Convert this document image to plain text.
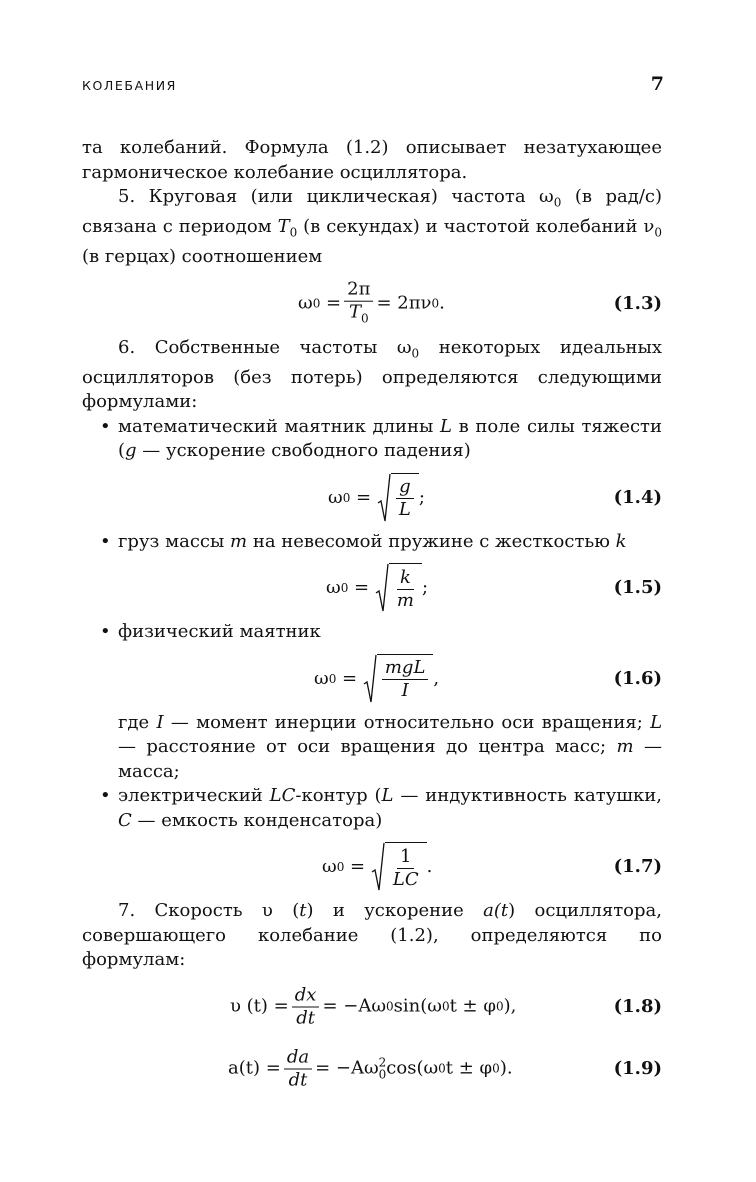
КОЛЕБАНИЯ	7

та колебаний. Формула (1.2) описывает незатухающее гармоническое колебание осциллятора.

5. Круговая (или циклическая) частота $\omega_0$ (в рад/с) связана с периодом $T_0$ (в секундах) и частотой колебаний $\nu_0$ (в герцах) соотношением

ω $0 = \frac{2\pi}{T_0} = 2\pi\nu$ 0 .	(1.3)

6. Собственные частоты $\omega_0$ некоторых идеальных осцилляторов (без потерь) определяются следующими формулами:

• математический маятник длины L в поле силы тяжести (g — ускорение свободного падения)

ω $0 = \frac{g}{L}$ ;	(1.4)

• груз массы m на невесомой пружине с жесткостью k

ω $0 = \frac{k}{m}$ ;	(1.5)

• физический маятник

ω $0 = \frac{\text{mgL}}{I}$ ,	(1.6)

где I — момент инерции относительно оси вращения; L — расстояние от оси вращения до центра масс; m — масса;

• электрический LC-контур (L — индуктивность катушки, C — емкость конденсатора)

ω $0 = \frac{1}{LC}$ .	(1.7)

7. Скорость υ (t) и ускорение a(t) осциллятора, совершающего колебание (1.2), определяются по формулам:

υ $(t) = \frac{dx}{dt} = -A\omega$ 0 sin(ω 0 t ± φ 0 ),	(1.8)
$a(t) = \frac{da}{dt} = -A\omega$ 2
0 cos(ω 0 t ± φ 0 ).	(1.9)
